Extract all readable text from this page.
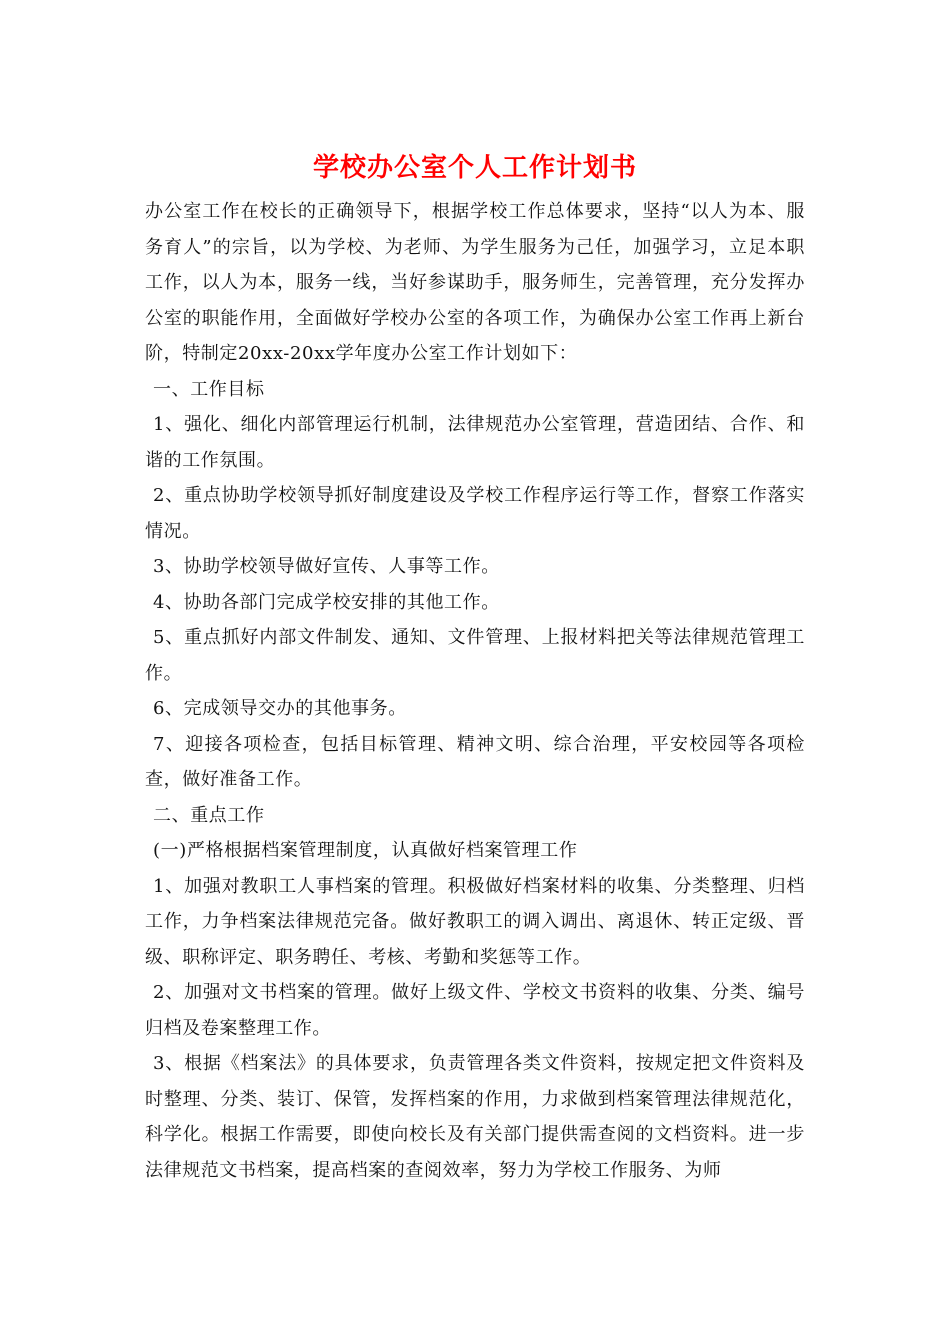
学校办公室个人工作计划书

办公室工作在校长的正确领导下，根据学校工作总体要求，坚持“以人为本、服务育人”的宗旨，以为学校、为老师、为学生服务为己任，加强学习，立足本职工作，以人为本，服务一线，当好参谋助手，服务师生，完善管理，充分发挥办公室的职能作用，全面做好学校办公室的各项工作，为确保办公室工作再上新台阶，特制定20xx-20xx学年度办公室工作计划如下：

一、工作目标

1、强化、细化内部管理运行机制，法律规范办公室管理，营造团结、合作、和谐的工作氛围。

2、重点协助学校领导抓好制度建设及学校工作程序运行等工作，督察工作落实情况。

3、协助学校领导做好宣传、人事等工作。

4、协助各部门完成学校安排的其他工作。

5、重点抓好内部文件制发、通知、文件管理、上报材料把关等法律规范管理工作。

6、完成领导交办的其他事务。

7、迎接各项检查，包括目标管理、精神文明、综合治理，平安校园等各项检查，做好准备工作。

二、重点工作

(一)严格根据档案管理制度，认真做好档案管理工作

1、加强对教职工人事档案的管理。积极做好档案材料的收集、分类整理、归档工作，力争档案法律规范完备。做好教职工的调入调出、离退休、转正定级、晋级、职称评定、职务聘任、考核、考勤和奖惩等工作。

2、加强对文书档案的管理。做好上级文件、学校文书资料的收集、分类、编号归档及卷案整理工作。

3、根据《档案法》的具体要求，负责管理各类文件资料，按规定把文件资料及时整理、分类、装订、保管，发挥档案的作用，力求做到档案管理法律规范化，科学化。根据工作需要，即使向校长及有关部门提供需查阅的文档资料。进一步法律规范文书档案，提高档案的查阅效率，努力为学校工作服务、为师
